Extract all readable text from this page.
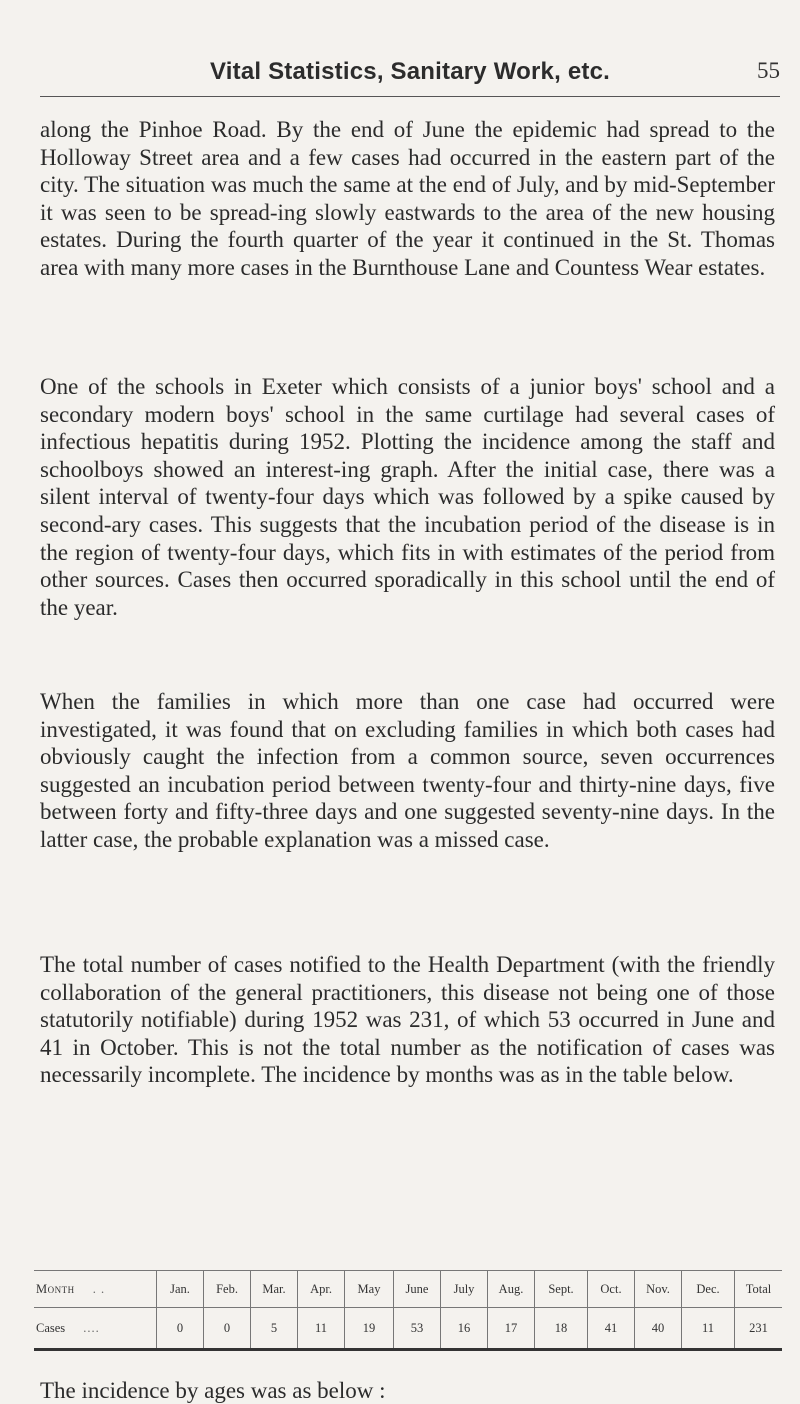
Vital Statistics, Sanitary Work, etc.	55

along the Pinhoe Road. By the end of June the epidemic had spread to the Holloway Street area and a few cases had occurred in the eastern part of the city. The situation was much the same at the end of July, and by mid-September it was seen to be spread-ing slowly eastwards to the area of the new housing estates. During the fourth quarter of the year it continued in the St. Thomas area with many more cases in the Burnthouse Lane and Countess Wear estates.

One of the schools in Exeter which consists of a junior boys' school and a secondary modern boys' school in the same curtilage had several cases of infectious hepatitis during 1952. Plotting the incidence among the staff and schoolboys showed an interest-ing graph. After the initial case, there was a silent interval of twenty-four days which was followed by a spike caused by second-ary cases. This suggests that the incubation period of the disease is in the region of twenty-four days, which fits in with estimates of the period from other sources. Cases then occurred sporadically in this school until the end of the year.

When the families in which more than one case had occurred were investigated, it was found that on excluding families in which both cases had obviously caught the infection from a common source, seven occurrences suggested an incubation period between twenty-four and thirty-nine days, five between forty and fifty-three days and one suggested seventy-nine days. In the latter case, the probable explanation was a missed case.

The total number of cases notified to the Health Department (with the friendly collaboration of the general practitioners, this disease not being one of those statutorily notifiable) during 1952 was 231, of which 53 occurred in June and 41 in October. This is not the total number as the notification of cases was necessarily incomplete. The incidence by months was as in the table below.

Month . .	Jan.	Feb.	Mar.	Apr.	May	June	July	Aug.	Sept.	Oct.	Nov.	Dec.	Total
Cases ....	0	0	5	11	19	53	16	17	18	41	40	11	231
The incidence by ages was as below :
